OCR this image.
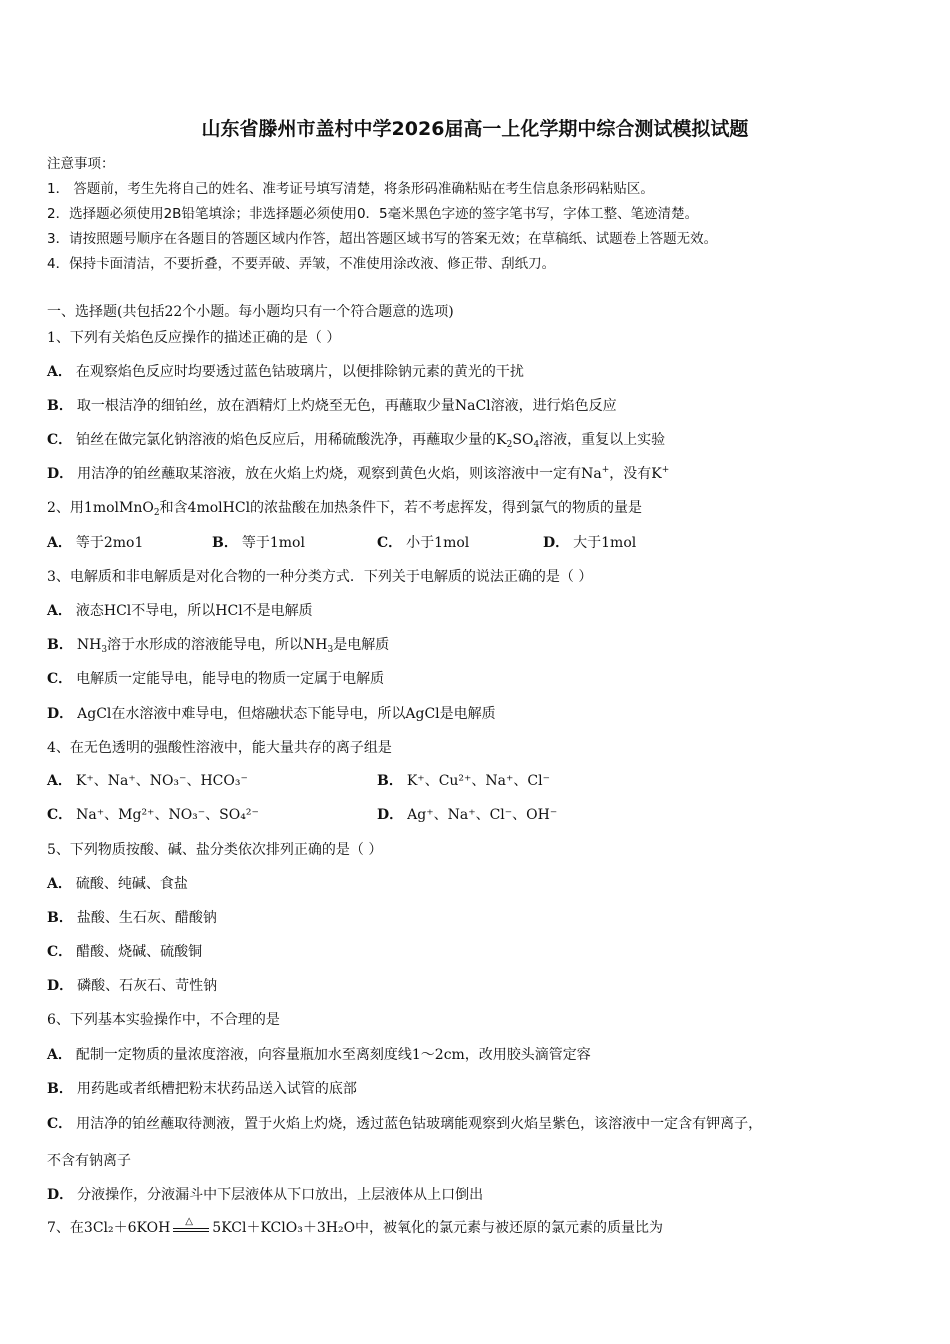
山东省滕州市盖村中学2026届高一上化学期中综合测试模拟试题
注意事项：
1． 答题前，考生先将自己的姓名、准考证号填写清楚，将条形码准确粘贴在考生信息条形码粘贴区。
2．选择题必须使用2B铅笔填涂；非选择题必须使用0．5毫米黑色字迹的签字笔书写，字体工整、笔迹清楚。
3．请按照题号顺序在各题目的答题区域内作答，超出答题区域书写的答案无效；在草稿纸、试题卷上答题无效。
4．保持卡面清洁，不要折叠，不要弄破、弄皱，不准使用涂改液、修正带、刮纸刀。
一、选择题(共包括22个小题。每小题均只有一个符合题意的选项)
1、下列有关焰色反应操作的描述正确的是（ ）
A． 在观察焰色反应时均要透过蓝色钴玻璃片，以便排除钠元素的黄光的干扰
B． 取一根洁净的细铂丝，放在酒精灯上灼烧至无色，再蘸取少量NaCl溶液，进行焰色反应
C． 铂丝在做完氯化钠溶液的焰色反应后，用稀硫酸洗净，再蘸取少量的$K_2SO_4$溶液，重复以上实验
D． 用洁净的铂丝蘸取某溶液，放在火焰上灼烧，观察到黄色火焰，则该溶液中一定有Na+，没有K+
2、用1molMnO$_2$和含4molHCl的浓盐酸在加热条件下，若不考虑挥发，得到氯气的物质的量是
A． 等于2mo1	B． 等于1mol	C． 小于1mol	D． 大于1mol
3、电解质和非电解质是对化合物的一种分类方式．下列关于电解质的说法正确的是（ ）
A． 液态HCl不导电，所以HCl不是电解质
B． $NH_3$溶于水形成的溶液能导电，所以$NH_3$是电解质
C． 电解质一定能导电，能导电的物质一定属于电解质
D． AgCl在水溶液中难导电，但熔融状态下能导电，所以AgCl是电解质
4、在无色透明的强酸性溶液中，能大量共存的离子组是
A． K⁺、Na⁺、NO₃⁻、HCO₃⁻	B． K⁺、Cu²⁺、Na⁺、Cl⁻
C． Na⁺、Mg²⁺、NO₃⁻、SO₄²⁻	D． Ag⁺、Na⁺、Cl⁻、OH⁻
5、下列物质按酸、碱、盐分类依次排列正确的是（ ）
A． 硫酸、纯碱、食盐
B． 盐酸、生石灰、醋酸钠
C． 醋酸、烧碱、硫酸铜
D． 磷酸、石灰石、苛性钠
6、下列基本实验操作中，不合理的是
A． 配制一定物质的量浓度溶液，向容量瓶加水至离刻度线1～2cm，改用胶头滴管定容
B． 用药匙或者纸槽把粉末状药品送入试管的底部
C． 用洁净的铂丝蘸取待测液，置于火焰上灼烧，透过蓝色钴玻璃能观察到火焰呈紫色，该溶液中一定含有钾离子，
不含有钠离子
D． 分液操作，分液漏斗中下层液体从下口放出，上层液体从上口倒出
7、在3Cl₂＋6KOH △ 5KCl＋KClO₃＋3H₂O中，被氧化的氯元素与被还原的氯元素的质量比为
